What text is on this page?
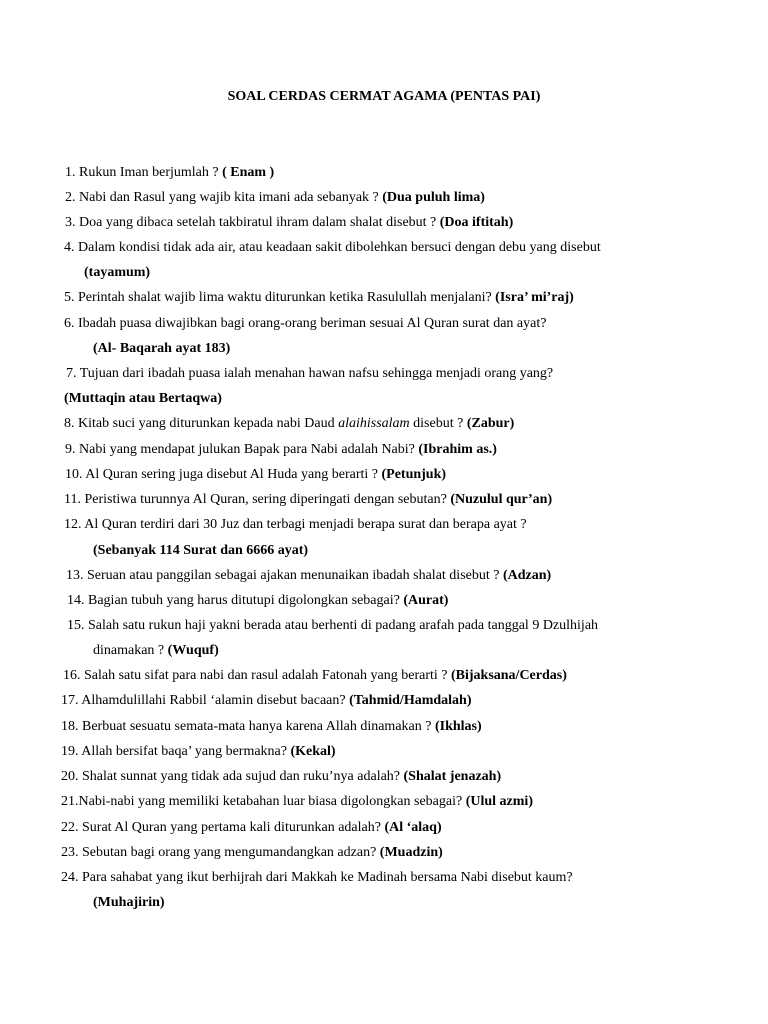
SOAL CERDAS CERMAT AGAMA (PENTAS PAI)
1. Rukun Iman berjumlah ? ( Enam )
2. Nabi dan Rasul yang wajib kita imani ada sebanyak ? (Dua puluh lima)
3. Doa yang dibaca setelah takbiratul ihram dalam shalat disebut ? (Doa iftitah)
4. Dalam kondisi tidak ada air, atau keadaan sakit dibolehkan bersuci dengan debu yang disebut
(tayamum)
5. Perintah shalat wajib lima waktu diturunkan ketika Rasulullah menjalani? (Isra’ mi’raj)
6. Ibadah puasa diwajibkan bagi orang-orang beriman sesuai Al Quran surat dan ayat?
(Al- Baqarah ayat 183)
7. Tujuan dari ibadah puasa ialah menahan hawan nafsu sehingga menjadi orang yang?
(Muttaqin atau Bertaqwa)
8. Kitab suci yang diturunkan kepada nabi Daud alaihissalam disebut ? (Zabur)
9. Nabi yang mendapat julukan Bapak para Nabi adalah Nabi? (Ibrahim as.)
10. Al Quran sering juga disebut Al Huda yang berarti ? (Petunjuk)
11. Peristiwa turunnya Al Quran, sering diperingati dengan sebutan? (Nuzulul qur’an)
12. Al Quran terdiri dari 30 Juz dan terbagi menjadi berapa surat dan berapa ayat ?
(Sebanyak 114 Surat dan 6666 ayat)
13. Seruan atau panggilan sebagai ajakan menunaikan ibadah shalat disebut ? (Adzan)
14. Bagian tubuh yang harus ditutupi digolongkan sebagai? (Aurat)
15. Salah satu rukun haji yakni berada atau berhenti di padang arafah pada tanggal 9 Dzulhijah
dinamakan ? (Wuquf)
16. Salah satu sifat para nabi dan rasul adalah Fatonah yang berarti ? (Bijaksana/Cerdas)
17. Alhamdulillahi Rabbil ‘alamin disebut bacaan? (Tahmid/Hamdalah)
18. Berbuat sesuatu semata-mata hanya karena Allah dinamakan ? (Ikhlas)
19. Allah bersifat baqa’ yang bermakna? (Kekal)
20. Shalat sunnat yang tidak ada sujud dan ruku’nya adalah? (Shalat jenazah)
21.Nabi-nabi yang memiliki ketabahan luar biasa digolongkan sebagai? (Ulul azmi)
22. Surat Al Quran yang pertama kali diturunkan adalah? (Al ‘alaq)
23. Sebutan bagi orang yang mengumandangkan adzan? (Muadzin)
24. Para sahabat yang ikut berhijrah dari Makkah ke Madinah bersama Nabi disebut kaum?
(Muhajirin)
